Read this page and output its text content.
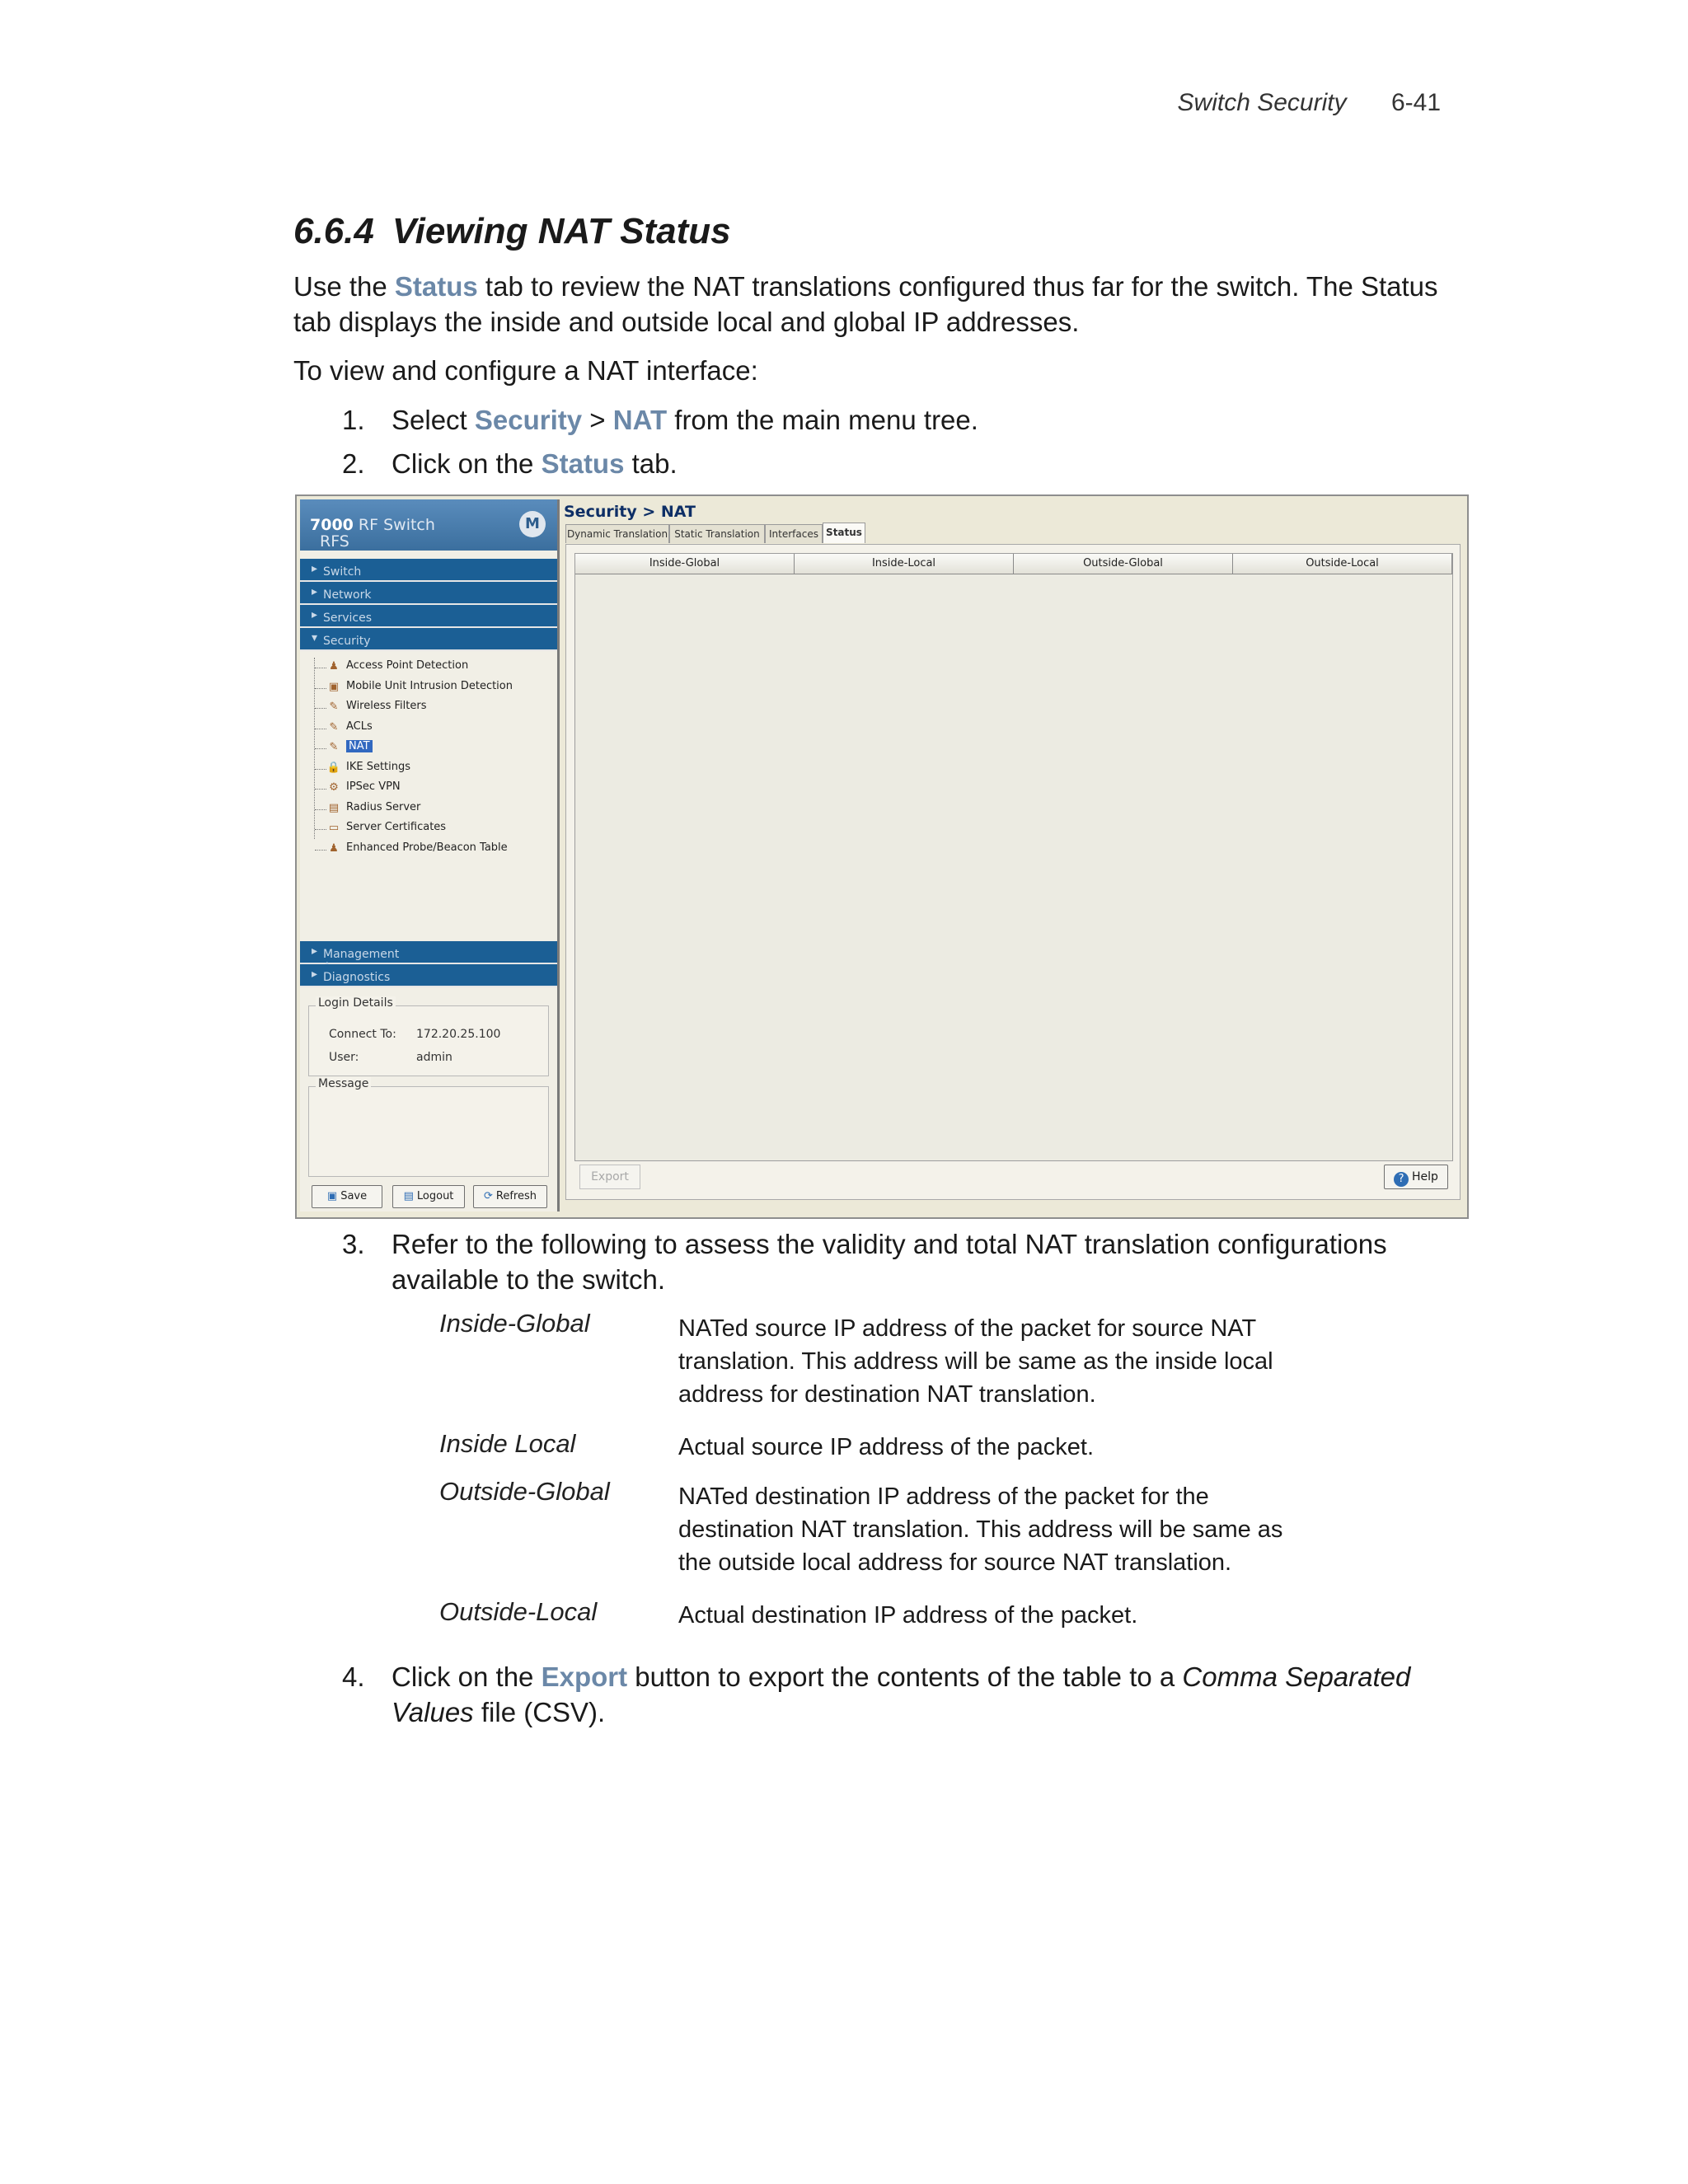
Switch Security 6-41
6.6.4 Viewing NAT Status

Use the Status tab to review the NAT translations configured thus far for the switch. The Status tab displays the inside and outside local and global IP addresses.

To view and configure a NAT interface:

1. Select Security > NAT from the main menu tree.
2. Click on the Status tab.
RFS
7000 RF Switch	M
▸ Switch
▸ Network
▸ Services
▾ Security
♟ Access Point Detection
▣ Mobile Unit Intrusion Detection
✎ Wireless Filters
✎ ACLs
✎ NAT
🔒 IKE Settings
⚙ IPSec VPN
▤ Radius Server
▭ Server Certificates
♟ Enhanced Probe/Beacon Table
▸ Management
▸ Diagnostics
Login Details
Connect To: 172.20.25.100
User:	admin
Message
▣ Save	▤ Logout	⟳ Refresh
Security > NAT
Dynamic Translation Static Translation Interfaces Status
Inside-Global	Inside-Local	Outside-Global	Outside-Local
Export	? Help
3. Refer to the following to assess the validity and total NAT translation configurations available to the switch.
Inside-Global	NATed source IP address of the packet for source NAT translation. This address will be same as the inside local address for destination NAT translation.
Inside Local	Actual source IP address of the packet.
Outside-Global	NATed destination IP address of the packet for the destination NAT translation. This address will be same as the outside local address for source NAT translation.
Outside-Local	Actual destination IP address of the packet.
4. Click on the Export button to export the contents of the table to a Comma Separated Values file (CSV).
